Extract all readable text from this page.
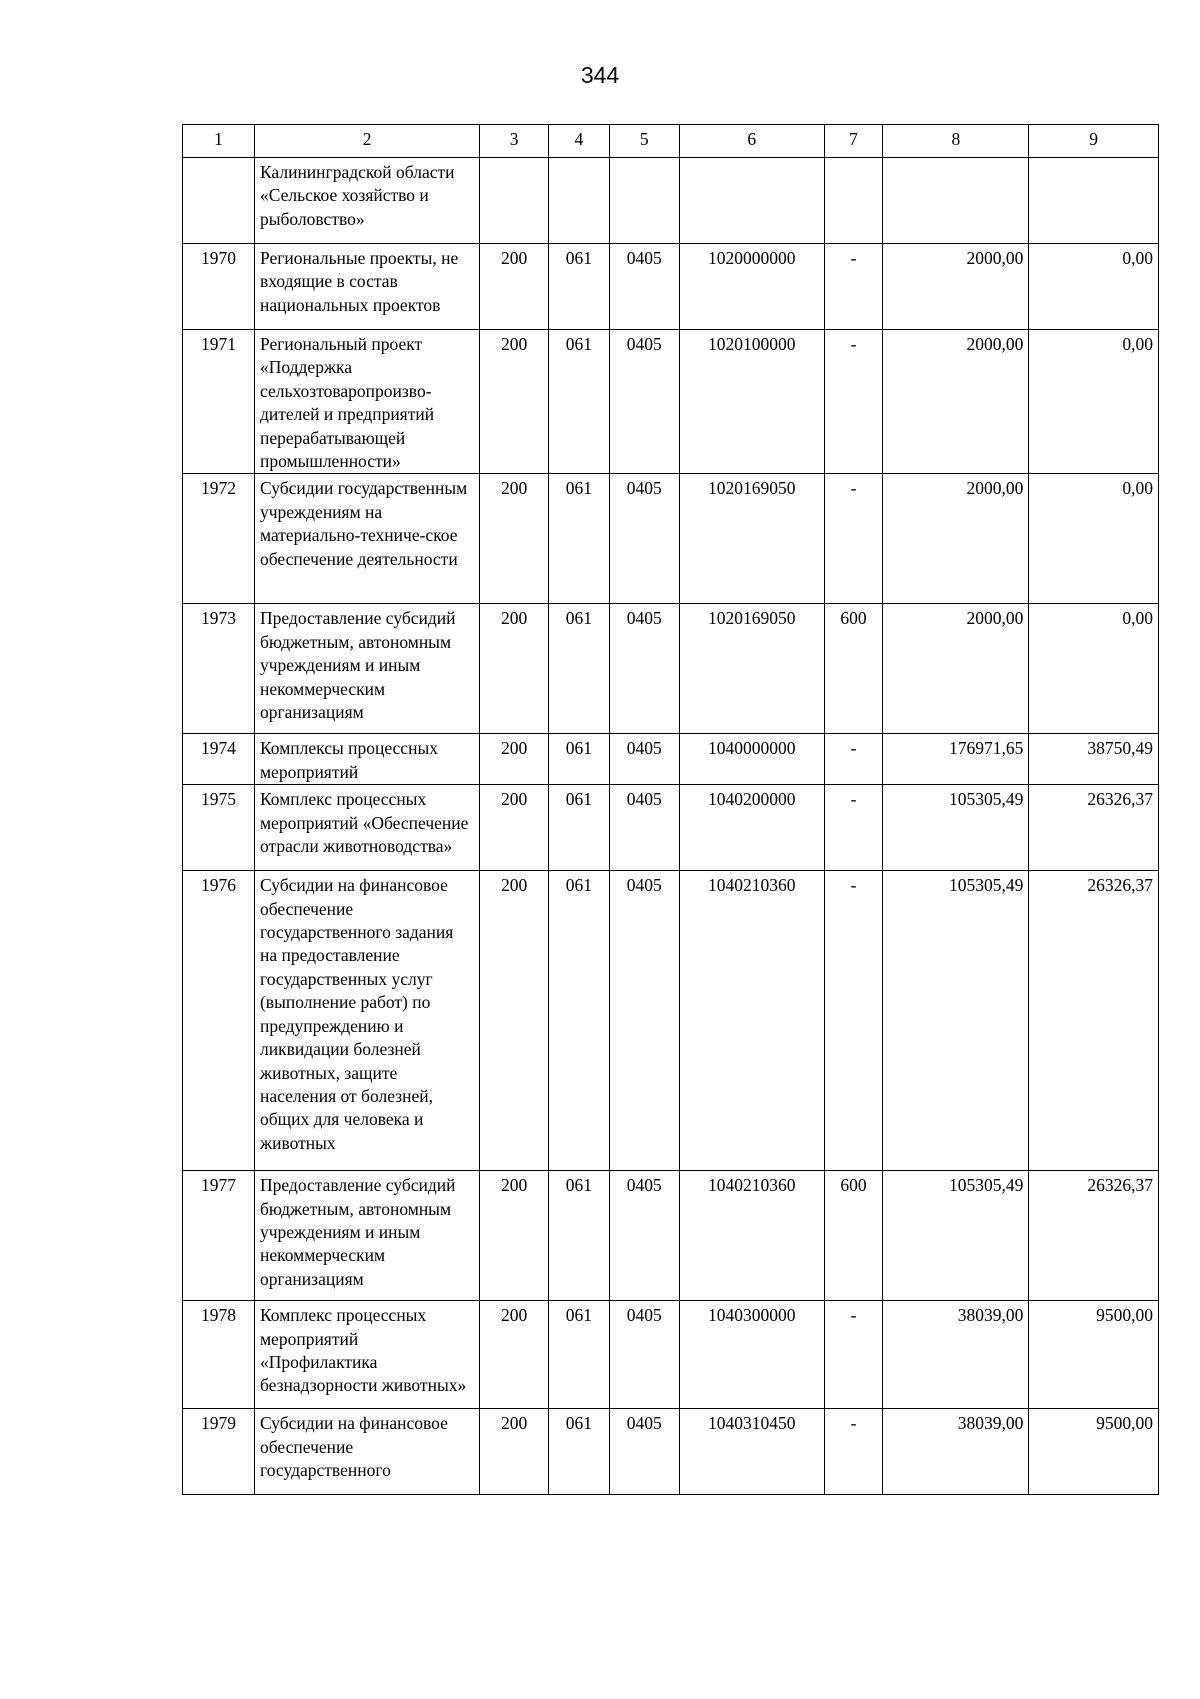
344
1	2	3	4	5	6	7	8	9
	Калининградской области «Сельское хозяйство и рыболовство»							
1970	Региональные проекты, не входящие в состав национальных проектов	200	061	0405	1020000000	-	2000,00	0,00
1971	Региональный проект «Поддержка сельхозтоваропроизво-дителей и предприятий перерабатывающей промышленности»	200	061	0405	1020100000	-	2000,00	0,00
1972	Субсидии государственным учреждениям на материально-техниче-ское обеспечение деятельности	200	061	0405	1020169050	-	2000,00	0,00
1973	Предоставление субсидий бюджетным, автономным учреждениям и иным некоммерческим организациям	200	061	0405	1020169050	600	2000,00	0,00
1974	Комплексы процессных мероприятий	200	061	0405	1040000000	-	176971,65	38750,49
1975	Комплекс процессных мероприятий «Обеспечение отрасли животноводства»	200	061	0405	1040200000	-	105305,49	26326,37
1976	Субсидии на финансовое обеспечение государственного задания на предоставление государственных услуг (выполнение работ) по предупреждению и ликвидации болезней животных, защите населения от болезней, общих для человека и животных	200	061	0405	1040210360	-	105305,49	26326,37
1977	Предоставление субсидий бюджетным, автономным учреждениям и иным некоммерческим организациям	200	061	0405	1040210360	600	105305,49	26326,37
1978	Комплекс процессных мероприятий «Профилактика безнадзорности животных»	200	061	0405	1040300000	-	38039,00	9500,00
1979	Субсидии на финансовое обеспечение государственного	200	061	0405	1040310450	-	38039,00	9500,00
